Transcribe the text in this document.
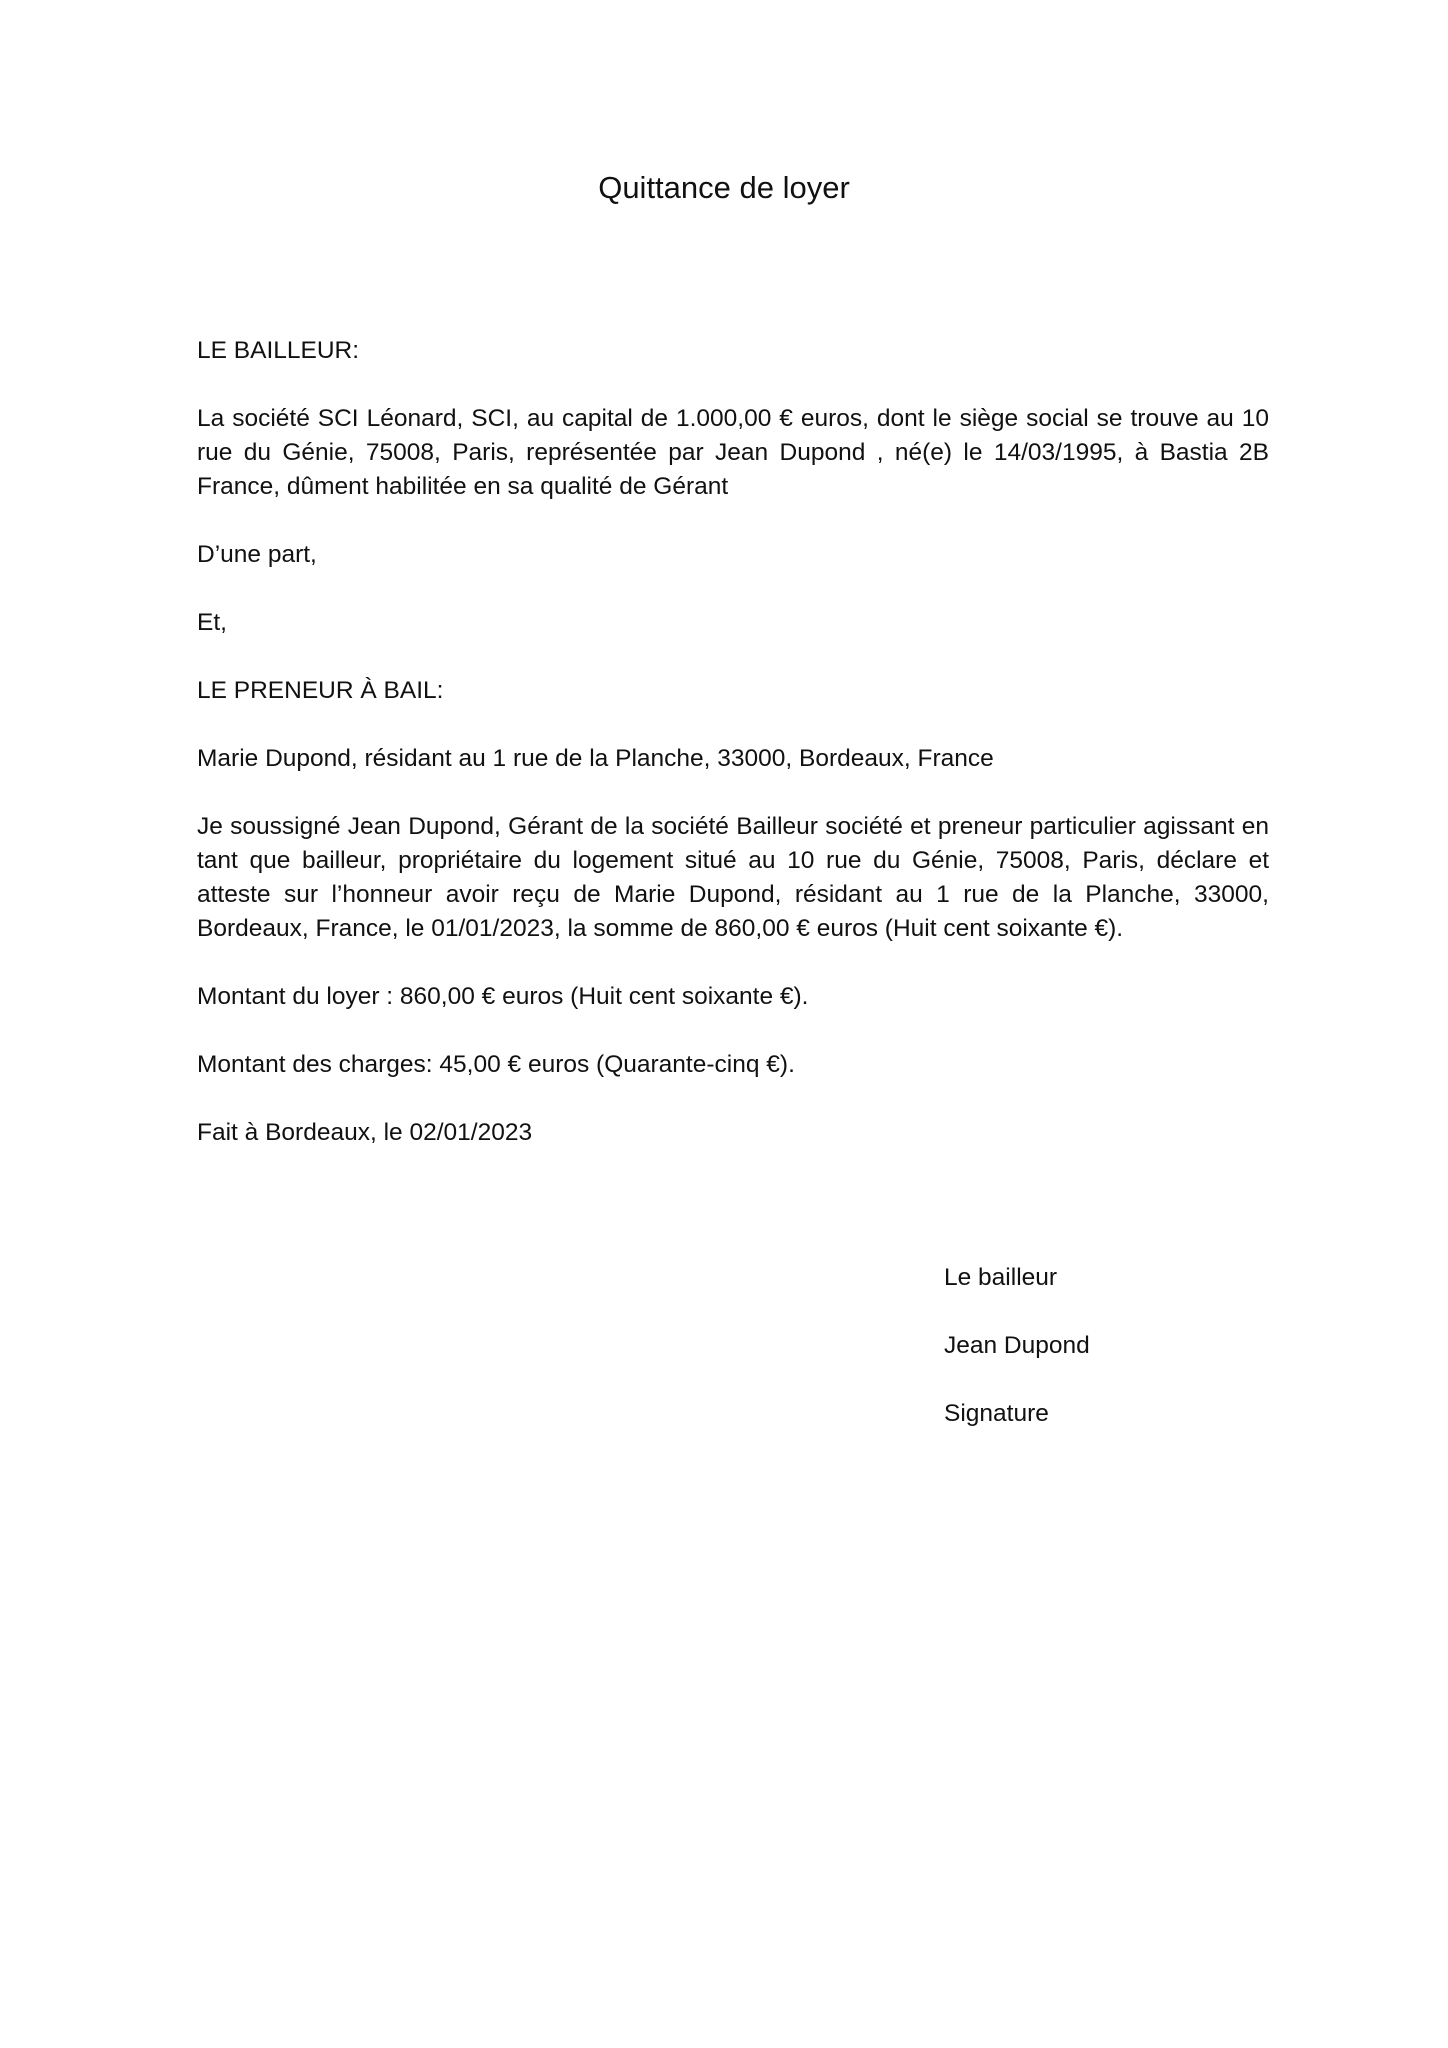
Quittance de loyer

LE BAILLEUR:

La société SCI Léonard, SCI, au capital de 1.000,00 € euros, dont le siège social se trouve au 10 rue du Génie, 75008, Paris, représentée par Jean Dupond , né(e) le 14/03/1995, à Bastia 2B France, dûment habilitée en sa qualité de Gérant

D’une part,

Et,

LE PRENEUR À BAIL:

Marie Dupond, résidant au 1 rue de la Planche, 33000, Bordeaux, France

Je soussigné Jean Dupond, Gérant de la société Bailleur société et preneur particulier agissant en tant que bailleur, propriétaire du logement situé au 10 rue du Génie, 75008, Paris, déclare et atteste sur l’honneur avoir reçu de Marie Dupond, résidant au 1 rue de la Planche, 33000, Bordeaux, France, le 01/01/2023, la somme de 860,00 € euros (Huit cent soixante €).

Montant du loyer : 860,00 € euros (Huit cent soixante €).

Montant des charges: 45,00 € euros (Quarante-cinq €).

Fait à Bordeaux, le 02/01/2023

Le bailleur

Jean Dupond

Signature
